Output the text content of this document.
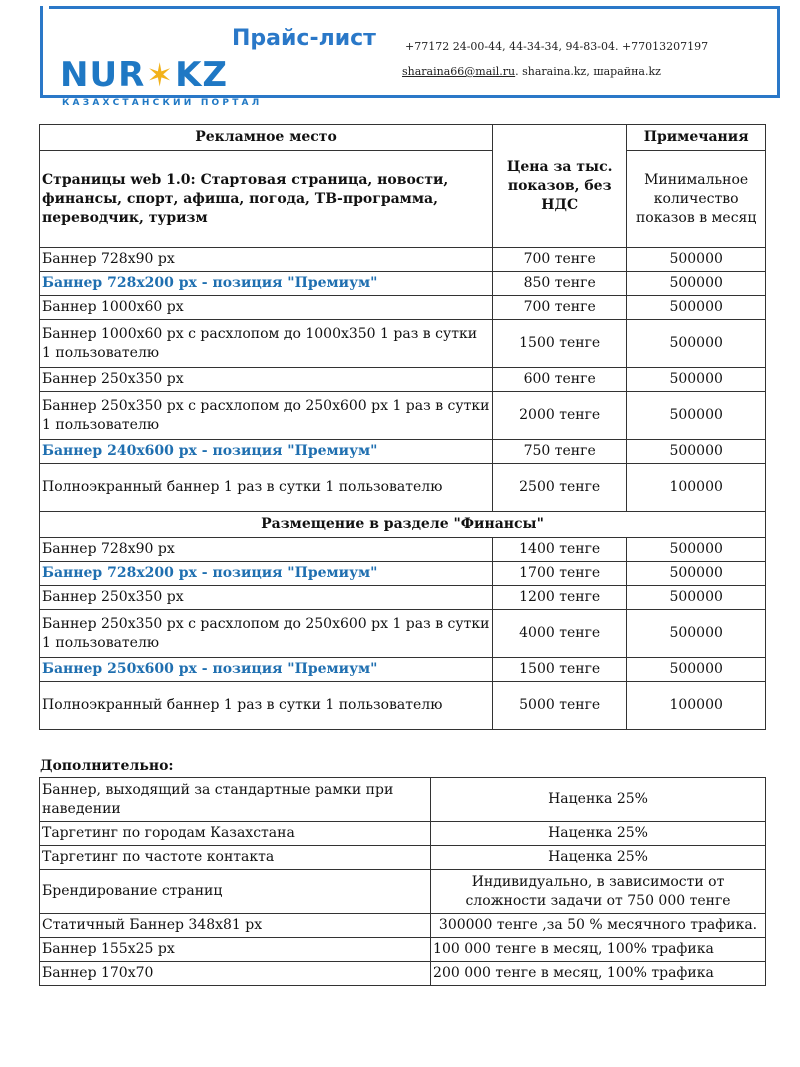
NUR✶KZ
КАЗАХСТАНСКИЙ ПОРТАЛ
Прайс-лист	+77172 24-00-44, 44-34-34, 94-83-04. +77013207197
sharaina66@mail.ru. sharaina.kz, шарайна.kz
Рекламное место	Цена за тыс. показов, без НДС	Примечания
Страницы web 1.0: Стартовая страница, новости, финансы, спорт, афиша, погода, ТВ-программа, переводчик, туризм		Минимальное количество показов в месяц
Баннер 728х90 px	700 тенге	500000
Баннер 728х200 px - позиция "Премиум"	850 тенге	500000
Баннер 1000х60 px	700 тенге	500000
Баннер 1000х60 px с расхлопом до 1000х350 1 раз в сутки 1 пользователю	1500 тенге	500000
Баннер 250х350 px	600 тенге	500000
Баннер 250х350 px с расхлопом до 250х600 px 1 раз в сутки 1 пользователю	2000 тенге	500000
Баннер 240х600 px - позиция "Премиум"	750 тенге	500000
Полноэкранный баннер 1 раз в сутки 1 пользователю	2500 тенге	100000
Размещение в разделе "Финансы"		
Баннер 728х90 px	1400 тенге	500000
Баннер 728х200 px - позиция "Премиум"	1700 тенге	500000
Баннер 250х350 px	1200 тенге	500000
Баннер 250х350 px с расхлопом до 250х600 px 1 раз в сутки 1 пользователю	4000 тенге	500000
Баннер 250х600 px - позиция "Премиум"	1500 тенге	500000
Полноэкранный баннер 1 раз в сутки 1 пользователю	5000 тенге	100000
Дополнительно:
Баннер, выходящий за стандартные рамки при наведении	Наценка 25%
Таргетинг по городам Казахстана	Наценка 25%
Таргетинг по частоте контакта	Наценка 25%
Брендирование страниц	Индивидуально, в зависимости от сложности задачи от 750 000 тенге
Статичный Баннер 348х81 px	300000 тенге ,за 50 % месячного трафика.
Баннер 155х25 px	100 000 тенге в месяц, 100% трафика
Баннер 170х70	200 000 тенге в месяц, 100% трафика
